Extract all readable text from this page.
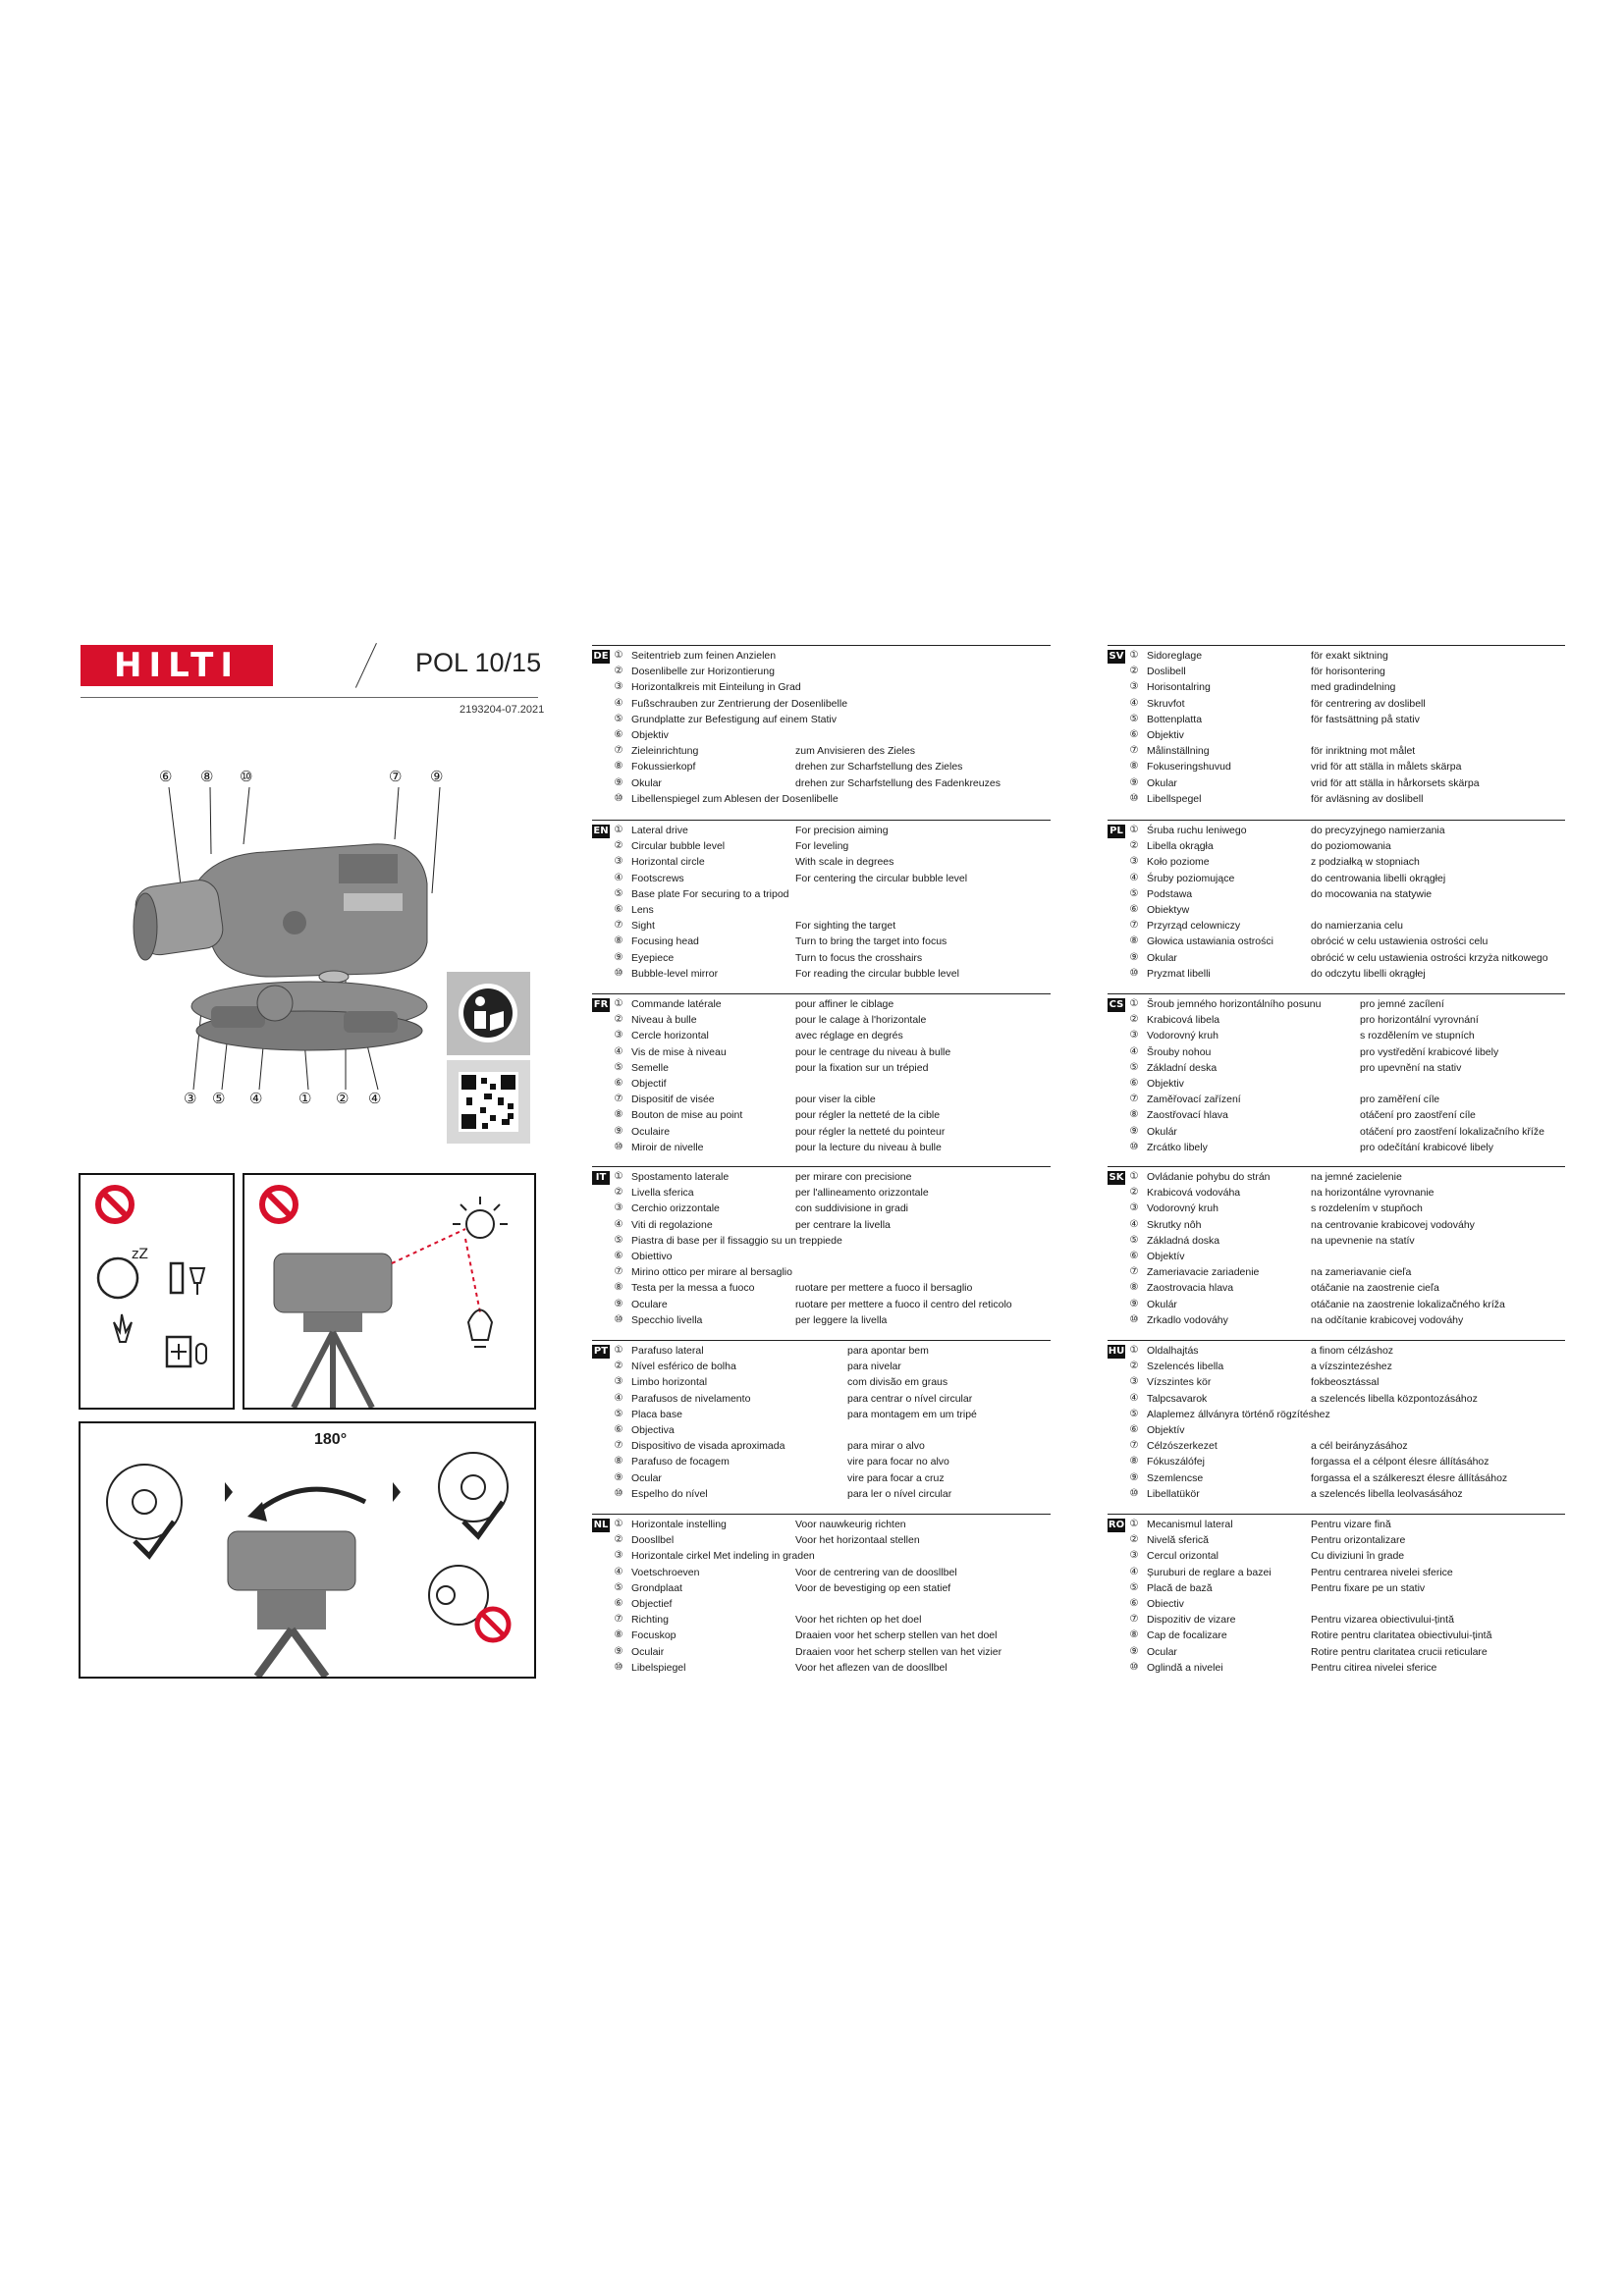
HILTI	POL 10/15
2193204-07.2021
⑥ ⑧ ⑩	⑦ ⑨
③ ⑤ ④ ① ② ④
zZ
180°
DE ① Seitentrieb zum feinen Anzielen
② Dosenlibelle zur Horizontierung
③ Horizontalkreis mit Einteilung in Grad
④ Fußschrauben zur Zentrierung der Dosenlibelle
⑤ Grundplatte zur Befestigung auf einem Stativ
⑥ Objektiv
⑦ Zieleinrichtung	zum Anvisieren des Zieles
⑧ Fokussierkopf	drehen zur Scharfstellung des Zieles
⑨ Okular	drehen zur Scharfstellung des Fadenkreuzes
⑩ Libellenspiegel zum Ablesen der Dosenlibelle
EN ① Lateral drive	For precision aiming
② Circular bubble level	For leveling
③ Horizontal circle	With scale in degrees
④ Footscrews	For centering the circular bubble level
⑤ Base plate For securing to a tripod
⑥ Lens
⑦ Sight	For sighting the target
⑧ Focusing head	Turn to bring the target into focus
⑨ Eyepiece	Turn to focus the crosshairs
⑩ Bubble-level mirror	For reading the circular bubble level
FR ① Commande latérale	pour affiner le ciblage
② Niveau à bulle	pour le calage à l'horizontale
③ Cercle horizontal	avec réglage en degrés
④ Vis de mise à niveau	pour le centrage du niveau à bulle
⑤ Semelle	pour la fixation sur un trépied
⑥ Objectif
⑦ Dispositif de visée	pour viser la cible
⑧ Bouton de mise au point	pour régler la netteté de la cible
⑨ Oculaire	pour régler la netteté du pointeur
⑩ Miroir de nivelle	pour la lecture du niveau à bulle
IT ① Spostamento laterale	per mirare con precisione
② Livella sferica	per l'allineamento orizzontale
③ Cerchio orizzontale	con suddivisione in gradi
④ Viti di regolazione	per centrare la livella
⑤ Piastra di base per il fissaggio su un treppiede
⑥ Obiettivo
⑦ Mirino ottico per mirare al bersaglio
⑧ Testa per la messa a fuoco	ruotare per mettere a fuoco il bersaglio
⑨ Oculare	ruotare per mettere a fuoco il centro del reticolo
⑩ Specchio livella	per leggere la livella
PT ① Parafuso lateral	para apontar bem
② Nível esférico de bolha	para nivelar
③ Limbo horizontal	com divisão em graus
④ Parafusos de nivelamento	para centrar o nível circular
⑤ Placa base	para montagem em um tripé
⑥ Objectiva
⑦ Dispositivo de visada aproximada	para mirar o alvo
⑧ Parafuso de focagem	vire para focar no alvo
⑨ Ocular	vire para focar a cruz
⑩ Espelho do nível	para ler o nível circular
NL ① Horizontale instelling	Voor nauwkeurig richten
② Doosllbel	Voor het horizontaal stellen
③ Horizontale cirkel Met indeling in graden
④ Voetschroeven	Voor de centrering van de doosllbel
⑤ Grondplaat	Voor de bevestiging op een statief
⑥ Objectief
⑦ Richting	Voor het richten op het doel
⑧ Focuskop	Draaien voor het scherp stellen van het doel
⑨ Oculair	Draaien voor het scherp stellen van het vizier
⑩ Libelspiegel	Voor het aflezen van de doosllbel
SV ① Sidoreglage	för exakt siktning
② Doslibell	för horisontering
③ Horisontalring	med gradindelning
④ Skruvfot	för centrering av doslibell
⑤ Bottenplatta	för fastsättning på stativ
⑥ Objektiv
⑦ Målinställning	för inriktning mot målet
⑧ Fokuseringshuvud	vrid för att ställa in målets skärpa
⑨ Okular	vrid för att ställa in hårkorsets skärpa
⑩ Libellspegel	för avläsning av doslibell
PL ① Śruba ruchu leniwego	do precyzyjnego namierzania
② Libella okrągła	do poziomowania
③ Koło poziome	z podziałką w stopniach
④ Śruby poziomujące	do centrowania libelli okrągłej
⑤ Podstawa	do mocowania na statywie
⑥ Obiektyw
⑦ Przyrząd celowniczy	do namierzania celu
⑧ Głowica ustawiania ostrości	obrócić w celu ustawienia ostrości celu
⑨ Okular	obrócić w celu ustawienia ostrości krzyża nitkowego
⑩ Pryzmat libelli	do odczytu libelli okrągłej
CS ① Šroub jemného horizontálního posunu	pro jemné zacílení
② Krabicová libela	pro horizontální vyrovnání
③ Vodorovný kruh	s rozdělením ve stupních
④ Šrouby nohou	pro vystředění krabicové libely
⑤ Základní deska	pro upevnění na stativ
⑥ Objektiv
⑦ Zaměřovací zařízení	pro zaměření cíle
⑧ Zaostřovací hlava	otáčení pro zaostření cíle
⑨ Okulár	otáčení pro zaostření lokalizačního kříže
⑩ Zrcátko libely	pro odečítání krabicové libely
SK ① Ovládanie pohybu do strán	na jemné zacielenie
② Krabicová vodováha	na horizontálne vyrovnanie
③ Vodorovný kruh	s rozdelením v stupňoch
④ Skrutky nôh	na centrovanie krabicovej vodováhy
⑤ Základná doska	na upevnenie na statív
⑥ Objektív
⑦ Zameriavacie zariadenie	na zameriavanie cieľa
⑧ Zaostrovacia hlava	otáčanie na zaostrenie cieľa
⑨ Okulár	otáčanie na zaostrenie lokalizačného kríža
⑩ Zrkadlo vodováhy	na odčítanie krabicovej vodováhy
HU ① Oldalhajtás	a finom célzáshoz
② Szelencés libella	a vízszintezéshez
③ Vízszintes kör	fokbeosztással
④ Talpcsavarok	a szelencés libella központozásához
⑤ Alaplemez állványra történő rögzítéshez
⑥ Objektív
⑦ Célzószerkezet	a cél beirányzásához
⑧ Fókuszálófej	forgassa el a célpont élesre állításához
⑨ Szemlencse	forgassa el a szálkereszt élesre állításához
⑩ Libellatükör	a szelencés libella leolvasásához
RO ① Mecanismul lateral	Pentru vizare fină
② Nivelă sferică	Pentru orizontalizare
③ Cercul orizontal	Cu diviziuni în grade
④ Șuruburi de reglare a bazei	Pentru centrarea nivelei sferice
⑤ Placă de bază	Pentru fixare pe un stativ
⑥ Obiectiv
⑦ Dispozitiv de vizare	Pentru vizarea obiectivului-țintă
⑧ Cap de focalizare	Rotire pentru claritatea obiectivului-țintă
⑨ Ocular	Rotire pentru claritatea crucii reticulare
⑩ Oglindă a nivelei	Pentru citirea nivelei sferice
